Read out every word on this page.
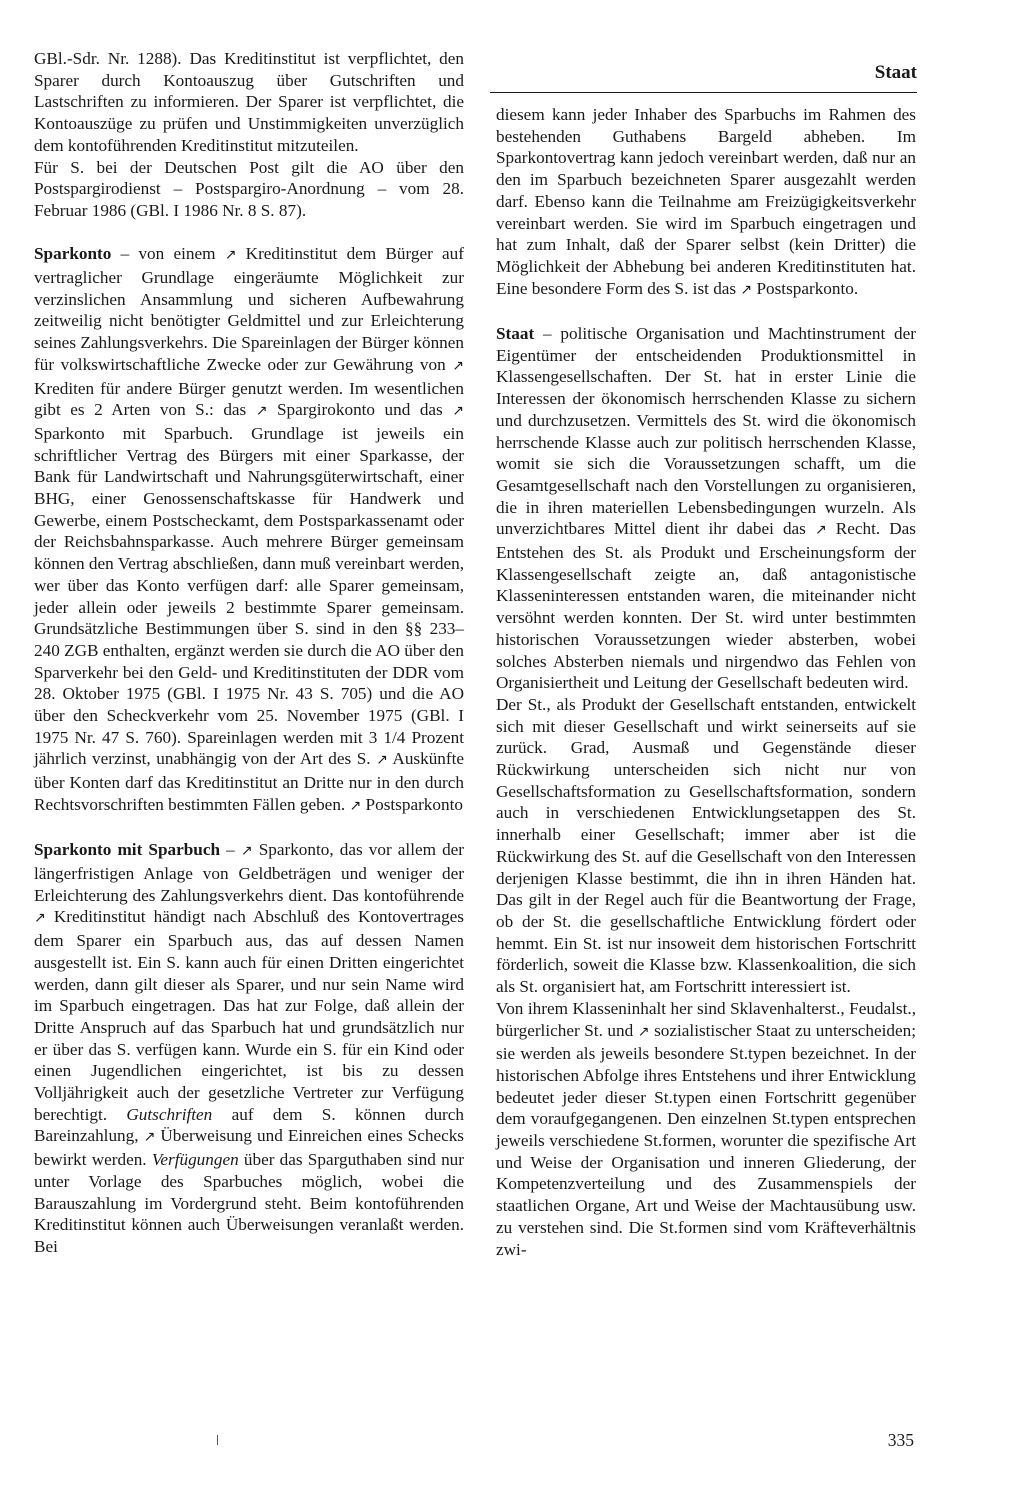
Staat

GBl.-Sdr. Nr. 1288). Das Kreditinstitut ist verpflichtet, den Sparer durch Kontoauszug über Gutschriften und Lastschriften zu informieren. Der Sparer ist verpflichtet, die Kontoauszüge zu prüfen und Unstimmigkeiten unverzüglich dem kontoführenden Kreditinstitut mitzuteilen.

Für S. bei der Deutschen Post gilt die AO über den Postspargirodienst – Postspargiro-Anordnung – vom 28. Februar 1986 (GBl. I 1986 Nr. 8 S. 87).

Sparkonto – von einem ↗ Kreditinstitut dem Bürger auf vertraglicher Grundlage eingeräumte Möglichkeit zur verzinslichen Ansammlung und sicheren Aufbewahrung zeitweilig nicht benötigter Geldmittel und zur Erleichterung seines Zahlungsverkehrs. Die Spareinlagen der Bürger können für volkswirtschaftliche Zwecke oder zur Gewährung von ↗ Krediten für andere Bürger genutzt werden. Im wesentlichen gibt es 2 Arten von S.: das ↗ Spargirokonto und das ↗ Sparkonto mit Sparbuch. Grundlage ist jeweils ein schriftlicher Vertrag des Bürgers mit einer Sparkasse, der Bank für Landwirtschaft und Nahrungsgüterwirtschaft, einer BHG, einer Genossenschaftskasse für Handwerk und Gewerbe, einem Postscheckamt, dem Postsparkassenamt oder der Reichsbahnsparkasse. Auch mehrere Bürger gemeinsam können den Vertrag abschließen, dann muß vereinbart werden, wer über das Konto verfügen darf: alle Sparer gemeinsam, jeder allein oder jeweils 2 bestimmte Sparer gemeinsam. Grundsätzliche Bestimmungen über S. sind in den §§ 233–240 ZGB enthalten, ergänzt werden sie durch die AO über den Sparverkehr bei den Geld- und Kreditinstituten der DDR vom 28. Oktober 1975 (GBl. I 1975 Nr. 43 S. 705) und die AO über den Scheckverkehr vom 25. November 1975 (GBl. I 1975 Nr. 47 S. 760). Spareinlagen werden mit 3 1/4 Prozent jährlich verzinst, unabhängig von der Art des S. ↗ Auskünfte über Konten darf das Kreditinstitut an Dritte nur in den durch Rechtsvorschriften bestimmten Fällen geben. ↗ Postsparkonto

Sparkonto mit Sparbuch – ↗ Sparkonto, das vor allem der längerfristigen Anlage von Geldbeträgen und weniger der Erleichterung des Zahlungsverkehrs dient. Das kontoführende ↗ Kreditinstitut händigt nach Abschluß des Kontovertrages dem Sparer ein Sparbuch aus, das auf dessen Namen ausgestellt ist. Ein S. kann auch für einen Dritten eingerichtet werden, dann gilt dieser als Sparer, und nur sein Name wird im Sparbuch eingetragen. Das hat zur Folge, daß allein der Dritte Anspruch auf das Sparbuch hat und grundsätzlich nur er über das S. verfügen kann. Wurde ein S. für ein Kind oder einen Jugendlichen eingerichtet, ist bis zu dessen Volljährigkeit auch der gesetzliche Vertreter zur Verfügung berechtigt. Gutschriften auf dem S. können durch Bareinzahlung, ↗ Überweisung und Einreichen eines Schecks bewirkt werden. Verfügungen über das Sparguthaben sind nur unter Vorlage des Sparbuches möglich, wobei die Barauszahlung im Vordergrund steht. Beim kontoführenden Kreditinstitut können auch Überweisungen veranlaßt werden. Bei

diesem kann jeder Inhaber des Sparbuchs im Rahmen des bestehenden Guthabens Bargeld abheben. Im Sparkontovertrag kann jedoch vereinbart werden, daß nur an den im Sparbuch bezeichneten Sparer ausgezahlt werden darf. Ebenso kann die Teilnahme am Freizügigkeitsverkehr vereinbart werden. Sie wird im Sparbuch eingetragen und hat zum Inhalt, daß der Sparer selbst (kein Dritter) die Möglichkeit der Abhebung bei anderen Kreditinstituten hat. Eine besondere Form des S. ist das ↗ Postsparkonto.

Staat – politische Organisation und Machtinstrument der Eigentümer der entscheidenden Produktionsmittel in Klassengesellschaften. Der St. hat in erster Linie die Interessen der ökonomisch herrschenden Klasse zu sichern und durchzusetzen. Vermittels des St. wird die ökonomisch herrschende Klasse auch zur politisch herrschenden Klasse, womit sie sich die Voraussetzungen schafft, um die Gesamtgesellschaft nach den Vorstellungen zu organisieren, die in ihren materiellen Lebensbedingungen wurzeln. Als unverzichtbares Mittel dient ihr dabei das ↗ Recht. Das Entstehen des St. als Produkt und Erscheinungsform der Klassengesellschaft zeigte an, daß antagonistische Klasseninteressen entstanden waren, die miteinander nicht versöhnt werden konnten. Der St. wird unter bestimmten historischen Voraussetzungen wieder absterben, wobei solches Absterben niemals und nirgendwo das Fehlen von Organisiertheit und Leitung der Gesellschaft bedeuten wird.

Der St., als Produkt der Gesellschaft entstanden, entwickelt sich mit dieser Gesellschaft und wirkt seinerseits auf sie zurück. Grad, Ausmaß und Gegenstände dieser Rückwirkung unterscheiden sich nicht nur von Gesellschaftsformation zu Gesellschaftsformation, sondern auch in verschiedenen Entwicklungsetappen des St. innerhalb einer Gesellschaft; immer aber ist die Rückwirkung des St. auf die Gesellschaft von den Interessen derjenigen Klasse bestimmt, die ihn in ihren Händen hat. Das gilt in der Regel auch für die Beantwortung der Frage, ob der St. die gesellschaftliche Entwicklung fördert oder hemmt. Ein St. ist nur insoweit dem historischen Fortschritt förderlich, soweit die Klasse bzw. Klassenkoalition, die sich als St. organisiert hat, am Fortschritt interessiert ist.

Von ihrem Klasseninhalt her sind Sklavenhalterst., Feudalst., bürgerlicher St. und ↗ sozialistischer Staat zu unterscheiden; sie werden als jeweils besondere St.typen bezeichnet. In der historischen Abfolge ihres Entstehens und ihrer Entwicklung bedeutet jeder dieser St.typen einen Fortschritt gegenüber dem voraufgegangenen. Den einzelnen St.typen entsprechen jeweils verschiedene St.formen, worunter die spezifische Art und Weise der Organisation und inneren Gliederung, der Kompetenzverteilung und des Zusammenspiels der staatlichen Organe, Art und Weise der Machtausübung usw. zu verstehen sind. Die St.formen sind vom Kräfteverhältnis zwi-

335
